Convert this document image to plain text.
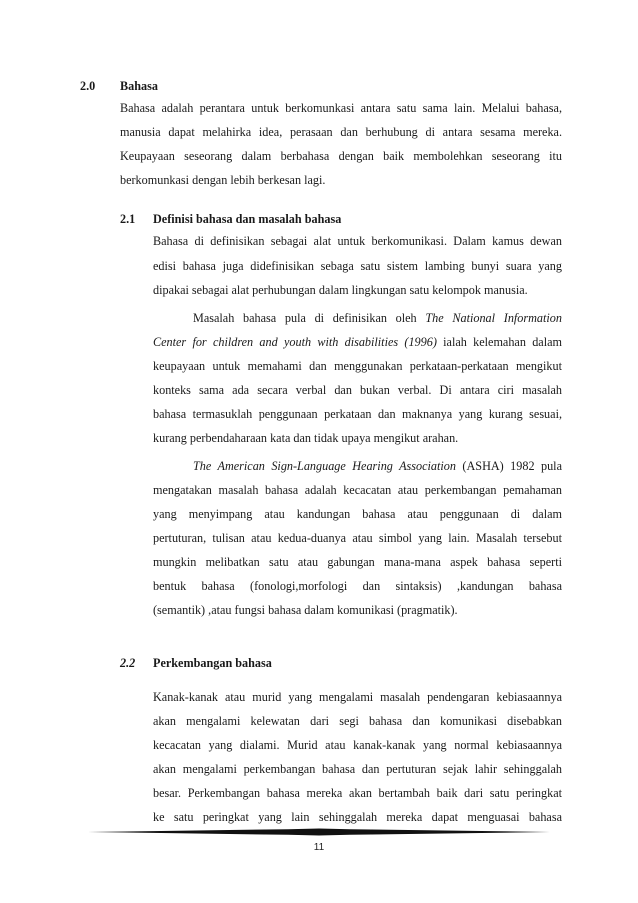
2.0 Bahasa
Bahasa adalah perantara untuk berkomunkasi antara satu sama lain. Melalui bahasa,
manusia dapat melahirka idea, perasaan dan berhubung di antara sesama mereka.
Keupayaan seseorang dalam berbahasa dengan baik membolehkan seseorang itu
berkomunkasi dengan lebih berkesan lagi.
2.1 Definisi bahasa dan masalah bahasa
Bahasa di definisikan sebagai alat untuk berkomunikasi. Dalam kamus dewan
edisi bahasa juga didefinisikan sebaga satu sistem lambing bunyi suara yang
dipakai sebagai alat perhubungan dalam lingkungan satu kelompok manusia.
Masalah bahasa pula di definisikan oleh The National Information
Center for children and youth with disabilities (1996) ialah kelemahan dalam
keupayaan untuk memahami dan menggunakan perkataan-perkataan mengikut
konteks sama ada secara verbal dan bukan verbal. Di antara ciri masalah
bahasa termasuklah penggunaan perkataan dan maknanya yang kurang sesuai,
kurang perbendaharaan kata dan tidak upaya mengikut arahan.
The American Sign-Language Hearing Association (ASHA) 1982 pula
mengatakan masalah bahasa adalah kecacatan atau perkembangan pemahaman
yang menyimpang atau kandungan bahasa atau penggunaan di dalam
pertuturan, tulisan atau kedua-duanya atau simbol yang lain. Masalah tersebut
mungkin melibatkan satu atau gabungan mana-mana aspek bahasa seperti
bentuk bahasa (fonologi,morfologi dan sintaksis) ,kandungan bahasa
(semantik) ,atau fungsi bahasa dalam komunikasi (pragmatik).
2.2 Perkembangan bahasa
Kanak-kanak atau murid yang mengalami masalah pendengaran kebiasaannya
akan mengalami kelewatan dari segi bahasa dan komunikasi disebabkan
kecacatan yang dialami. Murid atau kanak-kanak yang normal kebiasaannya
akan mengalami perkembangan bahasa dan pertuturan sejak lahir sehinggalah
besar. Perkembangan bahasa mereka akan bertambah baik dari satu peringkat
ke satu peringkat yang lain sehinggalah mereka dapat menguasai bahasa
11
